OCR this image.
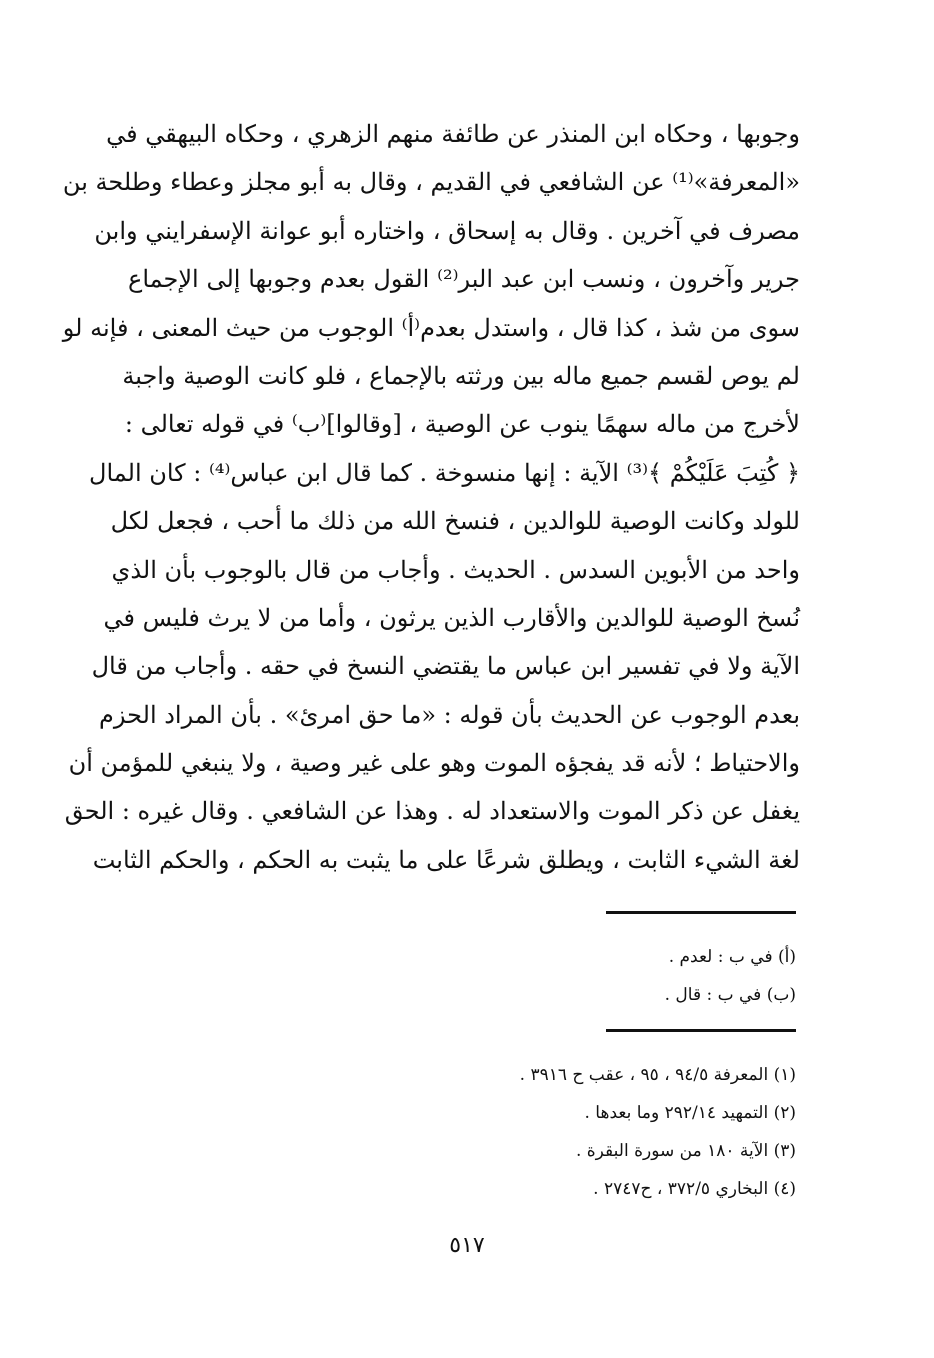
وجوبها ، وحكاه ابن المنذر عن طائفة منهم الزهري ، وحكاه البيهقي في
«المعرفة»⁽¹⁾ عن الشافعي في القديم ، وقال به أبو مجلز وعطاء وطلحة بن
مصرف في آخرين . وقال به إسحاق ، واختاره أبو عوانة الإسفرايني وابن
جرير وآخرون ، ونسب ابن عبد البر⁽²⁾ القول بعدم وجوبها إلى الإجماع
سوى من شذ ، كذا قال ، واستدل بعدم⁽أ⁾ الوجوب من حيث المعنى ، فإنه لو
لم يوص لقسم جميع ماله بين ورثته بالإجماع ، فلو كانت الوصية واجبة
لأخرج من ماله سهمًا ينوب عن الوصية ، [وقالوا]⁽ب⁾ في قوله تعالى :
﴿ كُتِبَ عَلَيْكُمْ ﴾⁽³⁾ الآية : إنها منسوخة . كما قال ابن عباس⁽⁴⁾ : كان المال
للولد وكانت الوصية للوالدين ، فنسخ الله من ذلك ما أحب ، فجعل لكل
واحد من الأبوين السدس . الحديث . وأجاب من قال بالوجوب بأن الذي
نُسخ الوصية للوالدين والأقارب الذين يرثون ، وأما من لا يرث فليس في
الآية ولا في تفسير ابن عباس ما يقتضي النسخ في حقه . وأجاب من قال
بعدم الوجوب عن الحديث بأن قوله : «ما حق امرئ» . بأن المراد الحزم
والاحتياط ؛ لأنه قد يفجؤه الموت وهو على غير وصية ، ولا ينبغي للمؤمن أن
يغفل عن ذكر الموت والاستعداد له . وهذا عن الشافعي . وقال غيره : الحق
لغة الشيء الثابت ، ويطلق شرعًا على ما يثبت به الحكم ، والحكم الثابت
(أ) في ب : لعدم .
(ب) في ب : قال .
(١) المعرفة ٩٤/٥ ، ٩٥ ، عقب ح ٣٩١٦ .
(٢) التمهيد ٢٩٢/١٤ وما بعدها .
(٣) الآية ١٨٠ من سورة البقرة .
(٤) البخاري ٣٧٢/٥ ، ح٢٧٤٧ .
٥١٧
